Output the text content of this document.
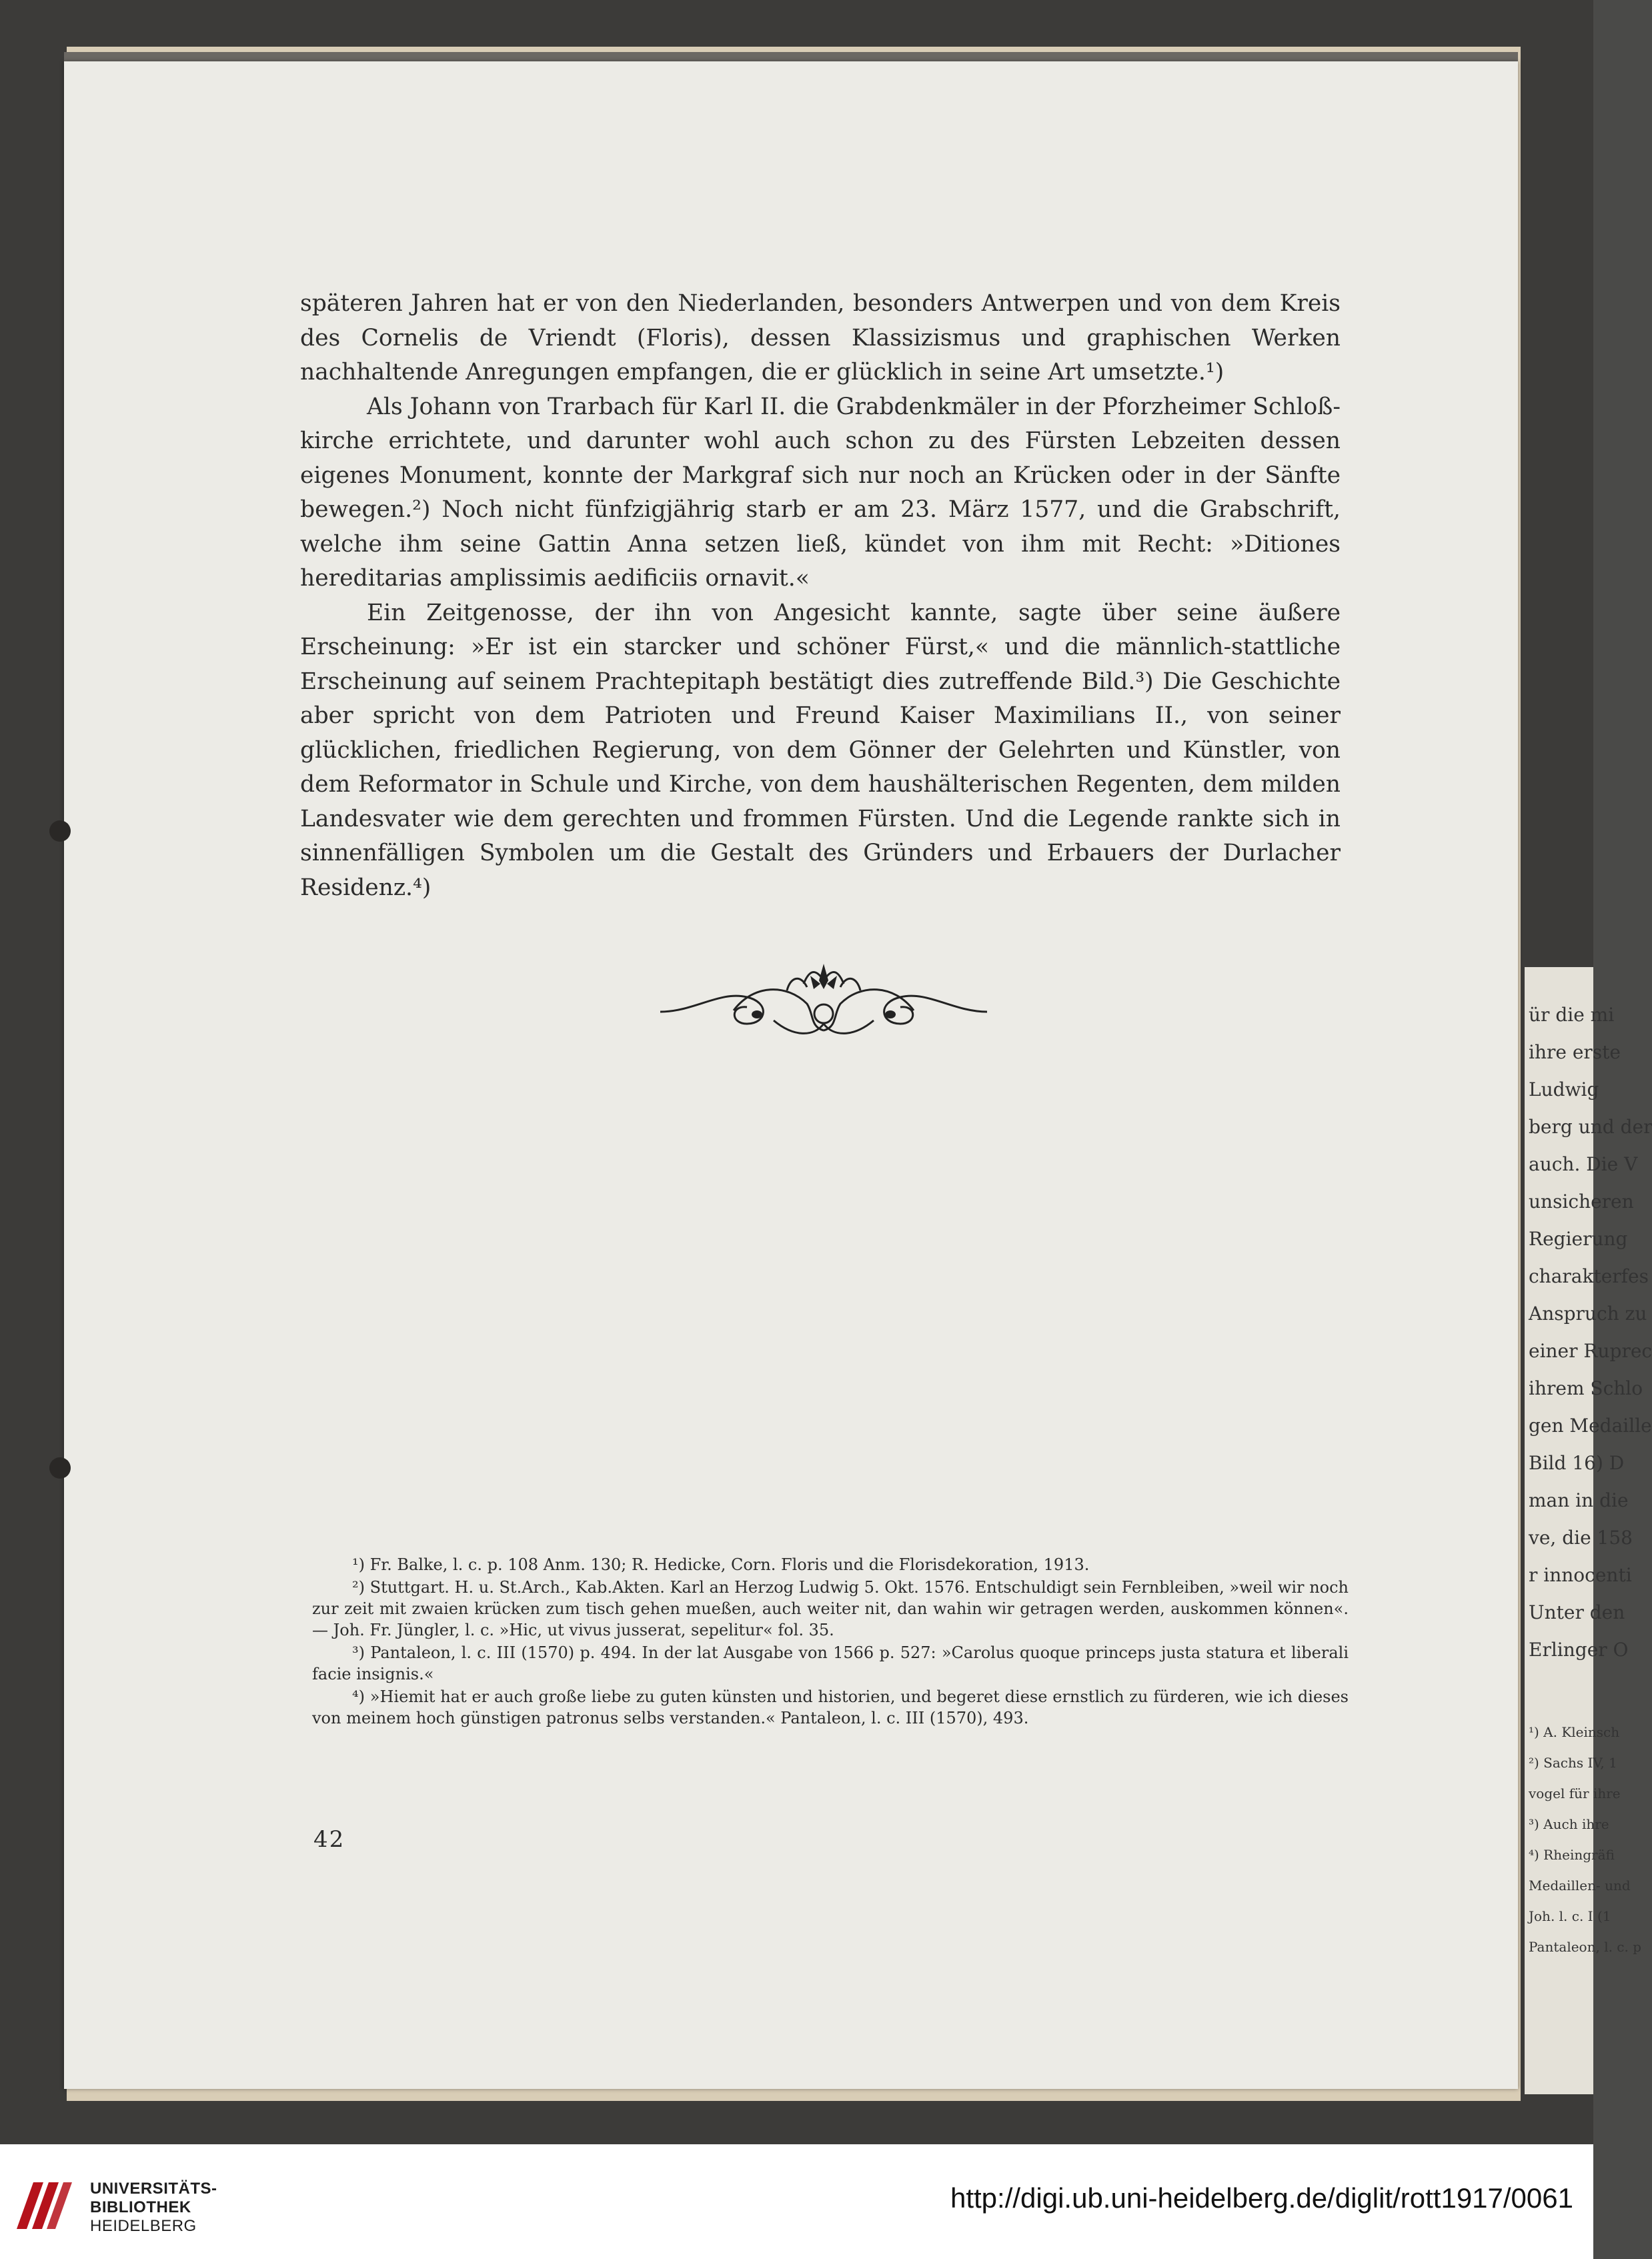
ür die mi
ihre erste
Ludwig
berg und der
auch. Die V
unsicheren
Regierung
charakterfes
Anspruch zu
einer Ruprec
ihrem Schlo
gen Medaille
Bild 16) D
man in die
ve, die 158
r innocenti
Unter den
Erlinger O
¹) A. Kleinsch
²) Sachs IV, 1
vogel für ihre
³) Auch ihre
⁴) Rheingräfi
Medaillen- und
Joh. l. c. I (1
Pantaleon, l. c. p

späteren Jahren hat er von den Niederlanden, besonders Antwerpen und von dem Kreis des Cornelis de Vriendt (Floris), dessen Klassizismus und graphischen Werken nachhaltende Anregungen empfangen, die er glücklich in seine Art umsetzte.¹)

Als Johann von Trarbach für Karl II. die Grabdenkmäler in der Pforzheimer Schloß-kirche errichtete, und darunter wohl auch schon zu des Fürsten Lebzeiten dessen eigenes Monument, konnte der Markgraf sich nur noch an Krücken oder in der Sänfte bewegen.²) Noch nicht fünfzigjährig starb er am 23. März 1577, und die Grabschrift, welche ihm seine Gattin Anna setzen ließ, kündet von ihm mit Recht: »Ditiones hereditarias amplissimis aedificiis ornavit.«

Ein Zeitgenosse, der ihn von Angesicht kannte, sagte über seine äußere Erscheinung: »Er ist ein starcker und schöner Fürst,« und die männlich-stattliche Erscheinung auf seinem Prachtepitaph bestätigt dies zutreffende Bild.³) Die Geschichte aber spricht von dem Patrioten und Freund Kaiser Maximilians II., von seiner glücklichen, friedlichen Regierung, von dem Gönner der Gelehrten und Künstler, von dem Reformator in Schule und Kirche, von dem haushälterischen Regenten, dem milden Landesvater wie dem gerechten und frommen Fürsten. Und die Legende rankte sich in sinnenfälligen Symbolen um die Gestalt des Gründers und Erbauers der Durlacher Residenz.⁴)

¹) Fr. Balke, l. c. p. 108 Anm. 130; R. Hedicke, Corn. Floris und die Florisdekoration, 1913.

²) Stuttgart. H. u. St.Arch., Kab.Akten. Karl an Herzog Ludwig 5. Okt. 1576. Entschuldigt sein Fernbleiben, »weil wir noch zur zeit mit zwaien krücken zum tisch gehen mueßen, auch weiter nit, dan wahin wir getragen werden, auskommen können«. — Joh. Fr. Jüngler, l. c. »Hic, ut vivus jusserat, sepelitur« fol. 35.

³) Pantaleon, l. c. III (1570) p. 494. In der lat Ausgabe von 1566 p. 527: »Carolus quoque princeps justa statura et liberali facie insignis.«

⁴) »Hiemit hat er auch große liebe zu guten künsten und historien, und begeret diese ernstlich zu fürderen, wie ich dieses von meinem hoch günstigen patronus selbs verstanden.« Pantaleon, l. c. III (1570), 493.

42
UNIVERSITÄTS-
BIBLIOTHEK
HEIDELBERG
http://digi.ub.uni-heidelberg.de/diglit/rott1917/0061
